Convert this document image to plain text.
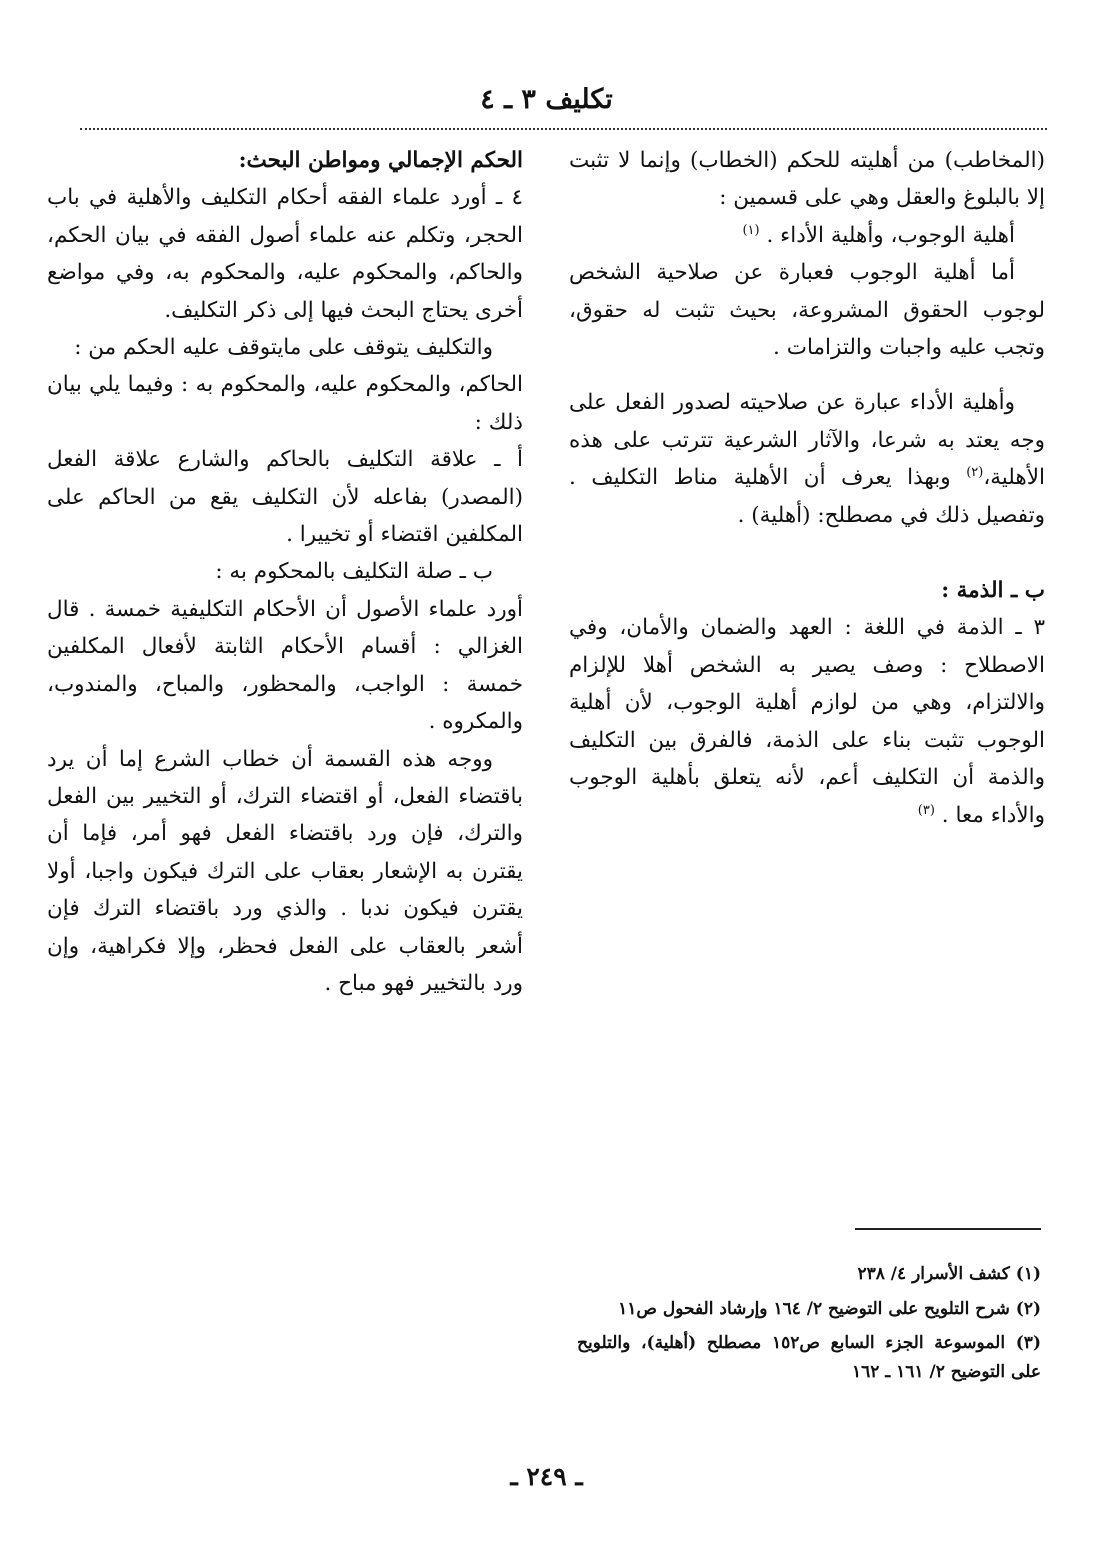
تكليف ٣ ـ ٤

(المخاطب) من أهليته للحكم (الخطاب) وإنما لا تثبت إلا بالبلوغ والعقل وهي على قسمين :

أهلية الوجوب، وأهلية الأداء . $^{(١)}$

أما أهلية الوجوب فعبارة عن صلاحية الشخص لوجوب الحقوق المشروعة، بحيث تثبت له حقوق، وتجب عليه واجبات والتزامات .

وأهلية الأداء عبارة عن صلاحيته لصدور الفعل على وجه يعتد به شرعا، والآثار الشرعية تترتب على هذه الأهلية،$^{(٢)}$ وبهذا يعرف أن الأهلية مناط التكليف . وتفصيل ذلك في مصطلح: (أهلية) .

ب ـ الذمة :

٣ ـ الذمة في اللغة : العهد والضمان والأمان، وفي الاصطلاح : وصف يصير به الشخص أهلا للإلزام والالتزام، وهي من لوازم أهلية الوجوب، لأن أهلية الوجوب تثبت بناء على الذمة، فالفرق بين التكليف والذمة أن التكليف أعم، لأنه يتعلق بأهلية الوجوب والأداء معا . $^{(٣)}$

الحكم الإجمالي ومواطن البحث:

٤ ـ أورد علماء الفقه أحكام التكليف والأهلية في باب الحجر، وتكلم عنه علماء أصول الفقه في بيان الحكم، والحاكم، والمحكوم عليه، والمحكوم به، وفي مواضع أخرى يحتاج البحث فيها إلى ذكر التكليف.

والتكليف يتوقف على مايتوقف عليه الحكم من :

الحاكم، والمحكوم عليه، والمحكوم به : وفيما يلي بيان ذلك :

أ ـ علاقة التكليف بالحاكم والشارع علاقة الفعل (المصدر) بفاعله لأن التكليف يقع من الحاكم على المكلفين اقتضاء أو تخييرا .

ب ـ صلة التكليف بالمحكوم به :

أورد علماء الأصول أن الأحكام التكليفية خمسة . قال الغزالي : أقسام الأحكام الثابتة لأفعال المكلفين خمسة : الواجب، والمحظور، والمباح، والمندوب، والمكروه .

ووجه هذه القسمة أن خطاب الشرع إما أن يرد باقتضاء الفعل، أو اقتضاء الترك، أو التخيير بين الفعل والترك، فإن ورد باقتضاء الفعل فهو أمر، فإما أن يقترن به الإشعار بعقاب على الترك فيكون واجبا، أولا يقترن فيكون ندبا . والذي ورد باقتضاء الترك فإن أشعر بالعقاب على الفعل فحظر، وإلا فكراهية، وإن ورد بالتخيير فهو مباح .

(١) كشف الأسرار ٤/ ٢٣٨

(٢) شرح التلويح على التوضيح ٢/ ١٦٤ وإرشاد الفحول ص١١

(٣) الموسوعة الجزء السابع ص١٥٢ مصطلح (أهلية)، والتلويح على التوضيح ٢/ ١٦١ ـ ١٦٢

ـ ٢٤٩ ـ
